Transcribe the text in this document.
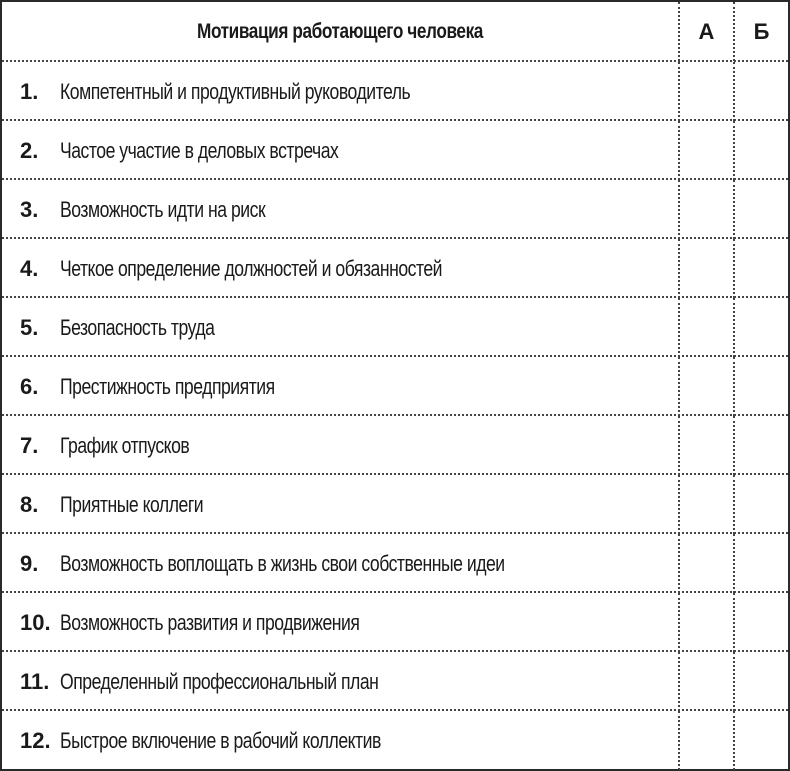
Мотивация работающего человека	А	Б
1. Компетентный и продуктивный руководитель
2. Частое участие в деловых встречах
3. Возможность идти на риск
4. Четкое определение должностей и обязанностей
5. Безопасность труда
6. Престижность предприятия
7. График отпусков
8. Приятные коллеги
9. Возможность воплощать в жизнь свои собственные идеи
10. Возможность развития и продвижения
11. Определенный профессиональный план
12. Быстрое включение в рабочий коллектив
